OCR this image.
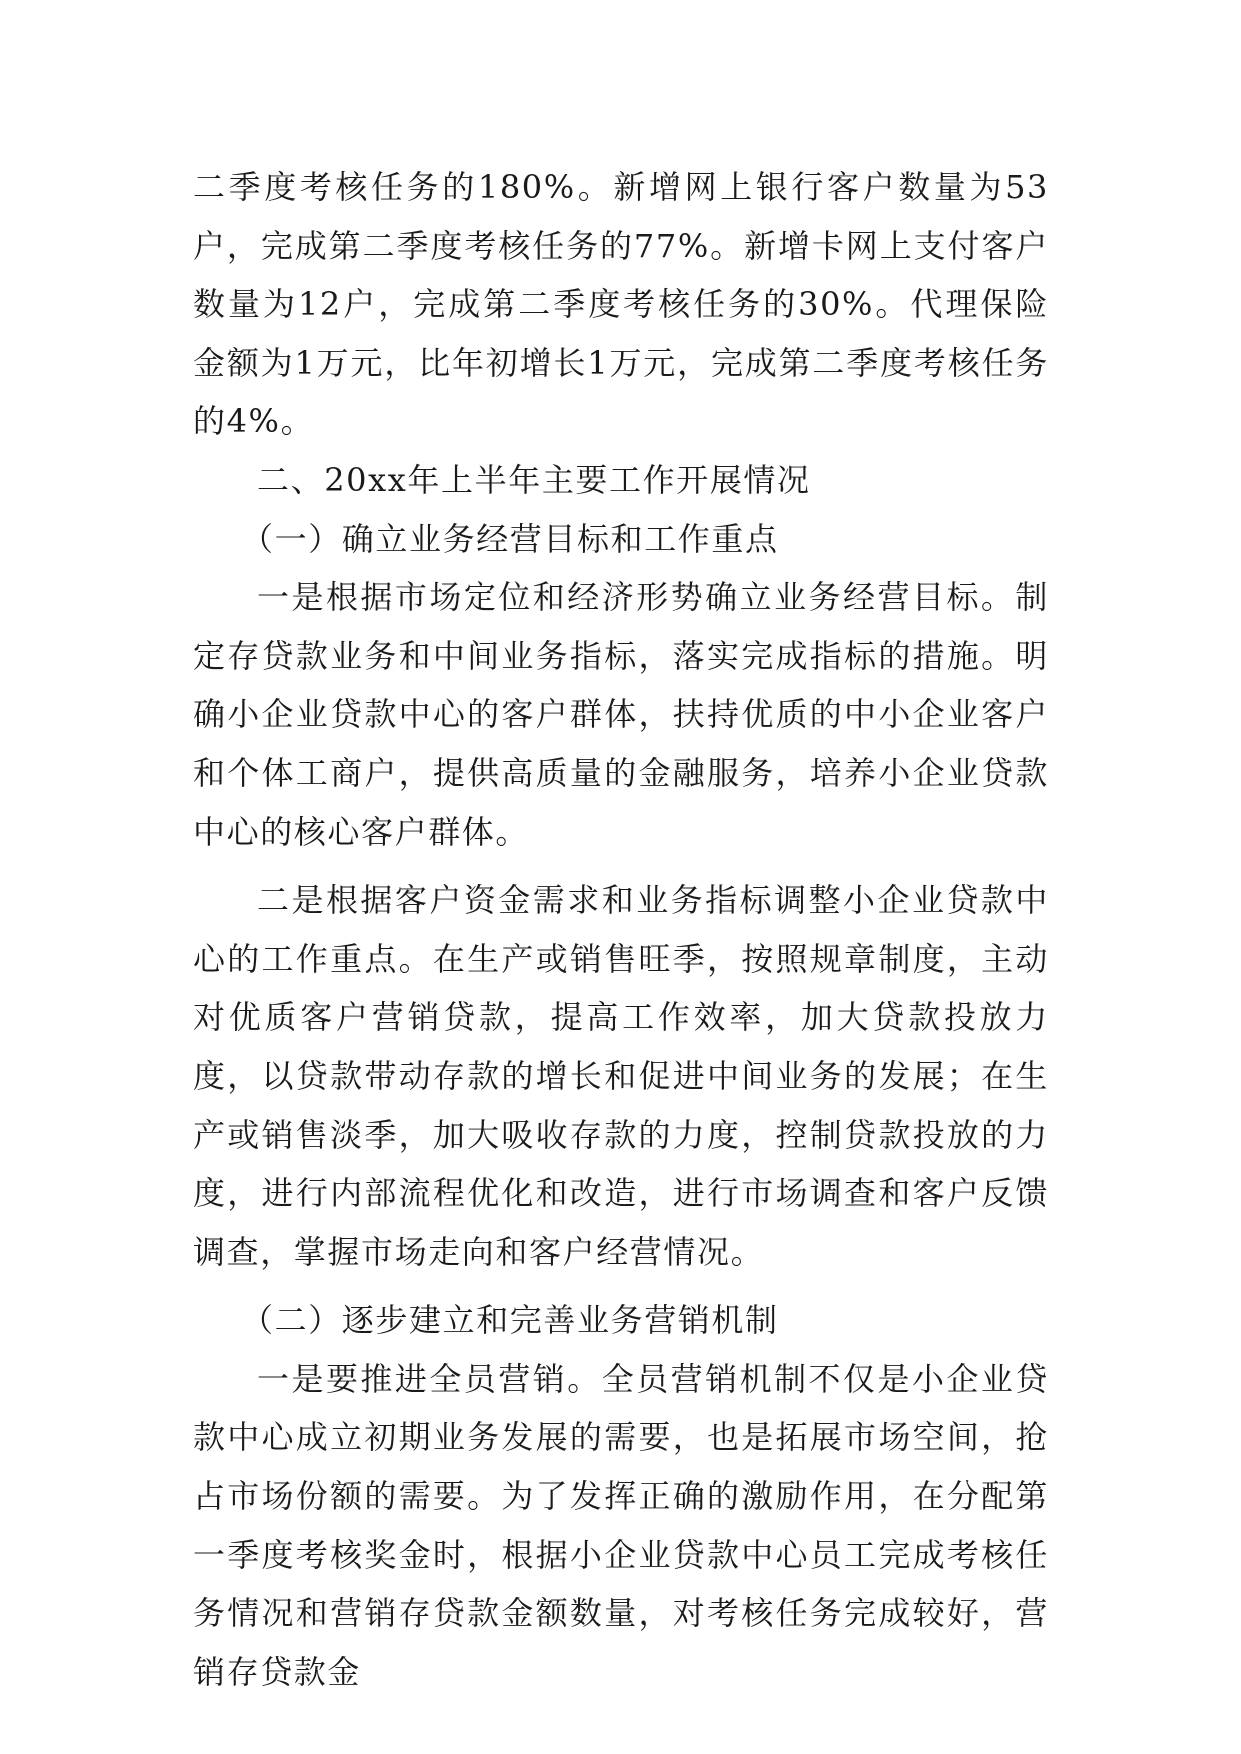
二季度考核任务的180%。新增网上银行客户数量为53户，完成第二季度考核任务的77%。新增卡网上支付客户数量为12户，完成第二季度考核任务的30%。代理保险金额为1万元，比年初增长1万元，完成第二季度考核任务的4%。

二、20xx年上半年主要工作开展情况

（一）确立业务经营目标和工作重点

一是根据市场定位和经济形势确立业务经营目标。制定存贷款业务和中间业务指标，落实完成指标的措施。明确小企业贷款中心的客户群体，扶持优质的中小企业客户和个体工商户，提供高质量的金融服务，培养小企业贷款中心的核心客户群体。

二是根据客户资金需求和业务指标调整小企业贷款中心的工作重点。在生产或销售旺季，按照规章制度，主动对优质客户营销贷款，提高工作效率，加大贷款投放力度，以贷款带动存款的增长和促进中间业务的发展；在生产或销售淡季，加大吸收存款的力度，控制贷款投放的力度，进行内部流程优化和改造，进行市场调查和客户反馈调查，掌握市场走向和客户经营情况。

（二）逐步建立和完善业务营销机制

一是要推进全员营销。全员营销机制不仅是小企业贷款中心成立初期业务发展的需要，也是拓展市场空间，抢占市场份额的需要。为了发挥正确的激励作用，在分配第一季度考核奖金时，根据小企业贷款中心员工完成考核任务情况和营销存贷款金额数量，对考核任务完成较好，营销存贷款金
